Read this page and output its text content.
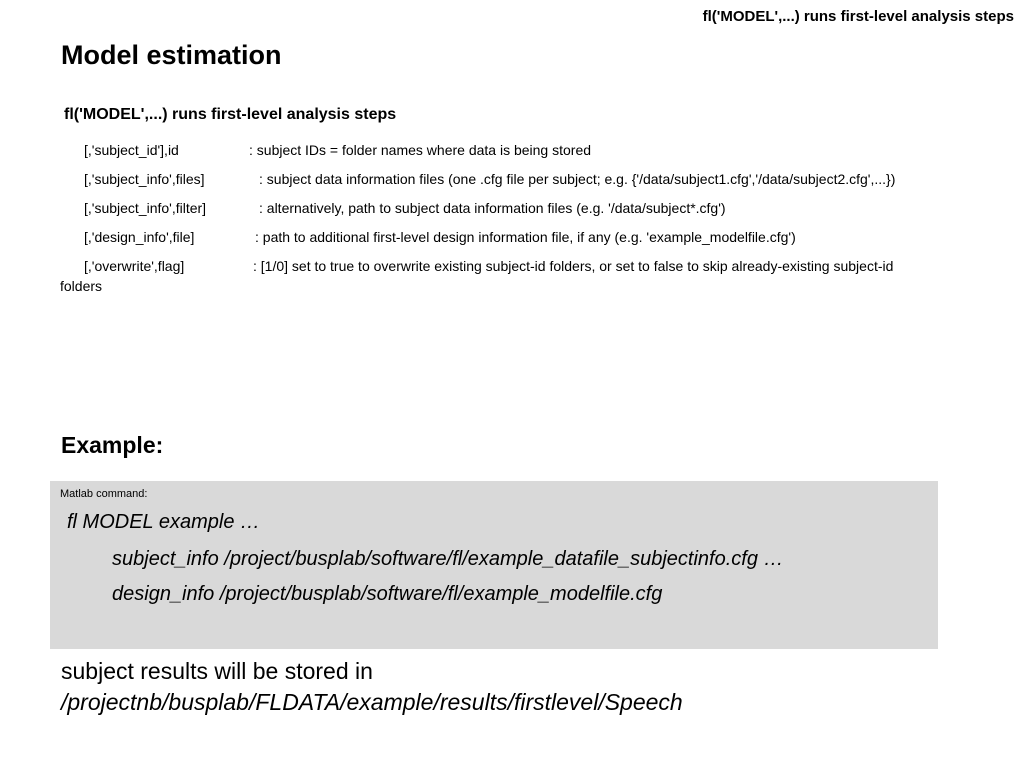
fl('MODEL',...) runs first-level analysis steps
Model estimation
fl('MODEL',...) runs first-level analysis steps
[,'subject_id'],id	: subject IDs = folder names where data is being stored
[,'subject_info',files]	: subject data information files (one .cfg file per subject; e.g. {'/data/subject1.cfg','/data/subject2.cfg',...})
[,'subject_info',filter]	: alternatively, path to subject data information files (e.g. '/data/subject*.cfg')
[,'design_info',file]	: path to additional first-level design information file, if any (e.g. 'example_modelfile.cfg')
[,'overwrite',flag]	: [1/0] set to true to overwrite existing subject-id folders, or set to false to skip already-existing subject-id
folders
Example:
Matlab command:
fl MODEL example …
subject_info /project/busplab/software/fl/example_datafile_subjectinfo.cfg …
design_info /project/busplab/software/fl/example_modelfile.cfg
subject results will be stored in
/projectnb/busplab/FLDATA/example/results/firstlevel/Speech
